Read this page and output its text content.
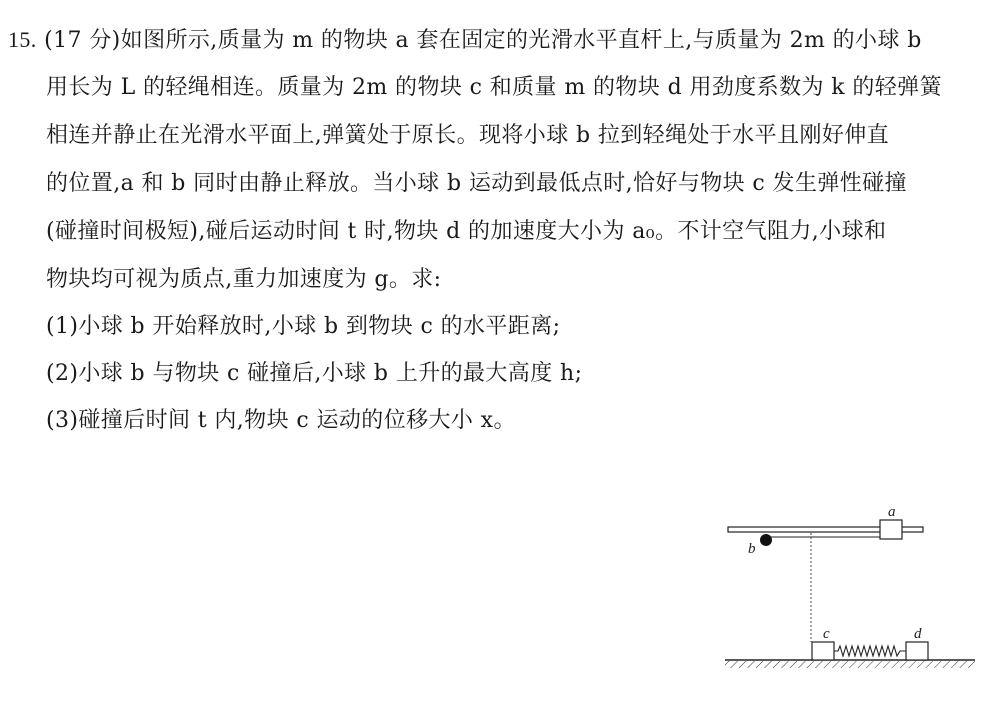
15. (17 分)如图所示,质量为 m 的物块 a 套在固定的光滑水平直杆上,与质量为 2m 的小球 b
用长为 L 的轻绳相连。质量为 2m 的物块 c 和质量 m 的物块 d 用劲度系数为 k 的轻弹簧
相连并静止在光滑水平面上,弹簧处于原长。现将小球 b 拉到轻绳处于水平且刚好伸直
的位置,a 和 b 同时由静止释放。当小球 b 运动到最低点时,恰好与物块 c 发生弹性碰撞
(碰撞时间极短),碰后运动时间 t 时,物块 d 的加速度大小为 a₀。不计空气阻力,小球和
物块均可视为质点,重力加速度为 g。求:
(1)小球 b 开始释放时,小球 b 到物块 c 的水平距离;
(2)小球 b 与物块 c 碰撞后,小球 b 上升的最大高度 h;
(3)碰撞后时间 t 内,物块 c 运动的位移大小 x。
a
b
c	d
